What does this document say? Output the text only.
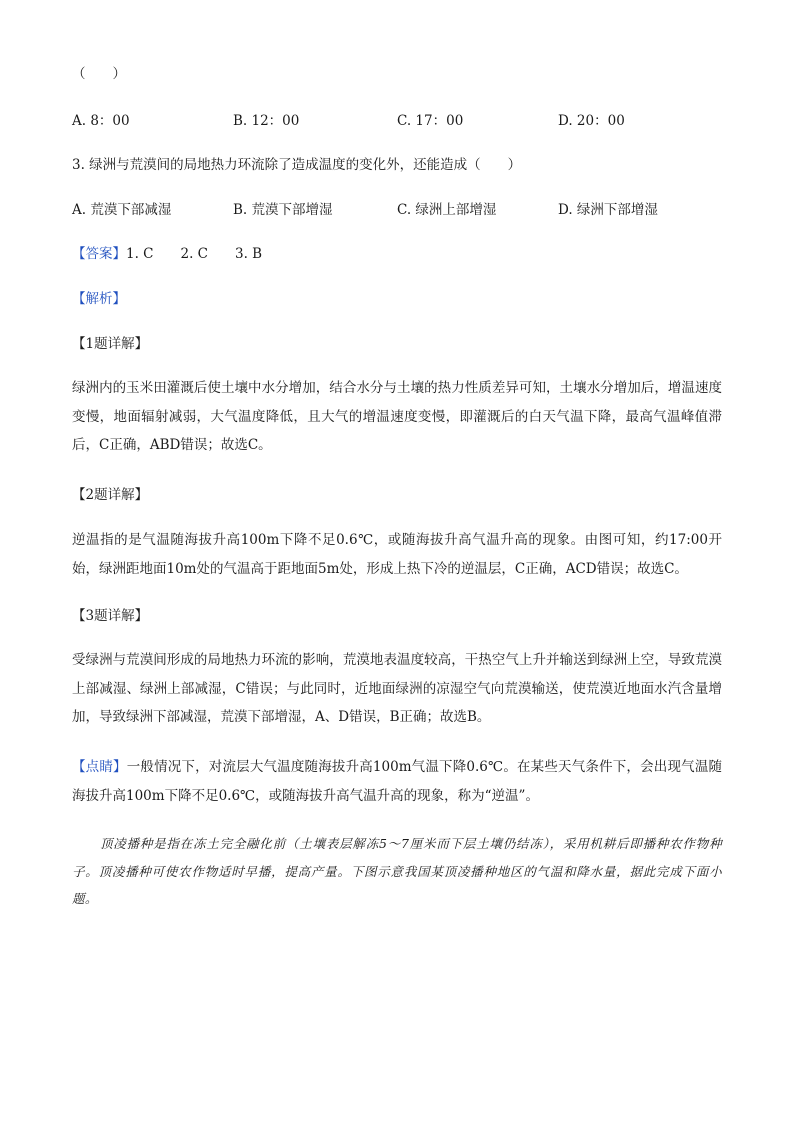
（　　）
A. 8：00	B. 12：00	C. 17：00	D. 20：00
3. 绿洲与荒漠间的局地热力环流除了造成温度的变化外，还能造成（　　）
A. 荒漠下部减湿	B. 荒漠下部增湿	C. 绿洲上部增湿	D. 绿洲下部增湿
【答案】1. C　　2. C　　3. B
【解析】
【1题详解】
绿洲内的玉米田灌溉后使土壤中水分增加，结合水分与土壤的热力性质差异可知，土壤水分增加后，增温速度变慢，地面辐射减弱，大气温度降低，且大气的增温速度变慢，即灌溉后的白天气温下降，最高气温峰值滞后，C正确，ABD错误；故选C。
【2题详解】
逆温指的是气温随海拔升高100m下降不足0.6℃，或随海拔升高气温升高的现象。由图可知，约17:00开始，绿洲距地面10m处的气温高于距地面5m处，形成上热下冷的逆温层，C正确，ACD错误；故选C。
【3题详解】
受绿洲与荒漠间形成的局地热力环流的影响，荒漠地表温度较高，干热空气上升并输送到绿洲上空，导致荒漠上部减湿、绿洲上部减湿，C错误；与此同时，近地面绿洲的凉湿空气向荒漠输送，使荒漠近地面水汽含量增加，导致绿洲下部减湿，荒漠下部增湿，A、D错误，B正确；故选B。
【点睛】一般情况下，对流层大气温度随海拔升高100m气温下降0.6℃。在某些天气条件下，会出现气温随海拔升高100m下降不足0.6℃，或随海拔升高气温升高的现象，称为“逆温”。
顶凌播种是指在冻土完全融化前（土壤表层解冻5～7厘米而下层土壤仍结冻），采用机耕后即播种农作物种子。顶凌播种可使农作物适时早播，提高产量。下图示意我国某顶凌播种地区的气温和降水量，据此完成下面小题。
